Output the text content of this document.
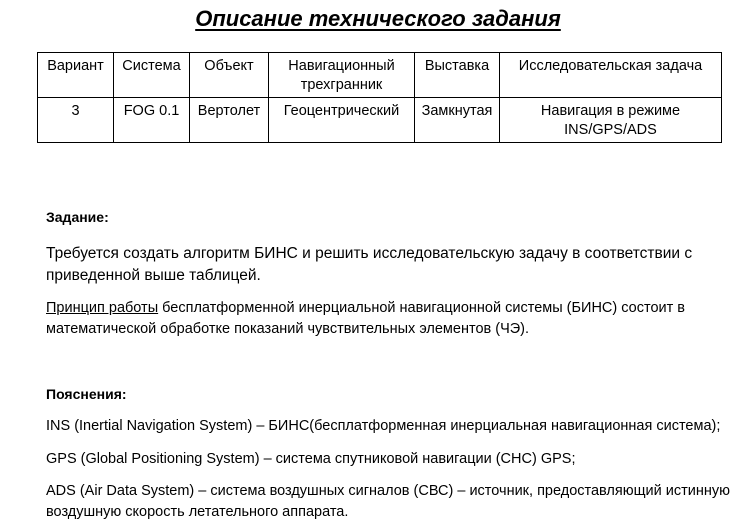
Описание технического задания
Вариант	Система	Объект	Навигационный трехгранник	Выставка	Исследовательская задача
3	FOG 0.1	Вертолет	Геоцентрический	Замкнутая	Навигация в режиме INS/GPS/ADS
Задание:
Требуется создать алгоритм БИНС и решить исследовательскую задачу в соответствии с приведенной выше таблицей.
Принцип работы бесплатформенной инерциальной навигационной системы (БИНС) состоит в математической обработке показаний чувствительных элементов (ЧЭ).
Пояснения:
INS (Inertial Navigation System) – БИНС(бесплатформенная инерциальная навигационная система);
GPS (Global Positioning System) – система спутниковой навигации (СНС) GPS;
ADS (Air Data System) – система воздушных сигналов (СВС) – источник, предоставляющий истинную воздушную скорость летательного аппарата.
